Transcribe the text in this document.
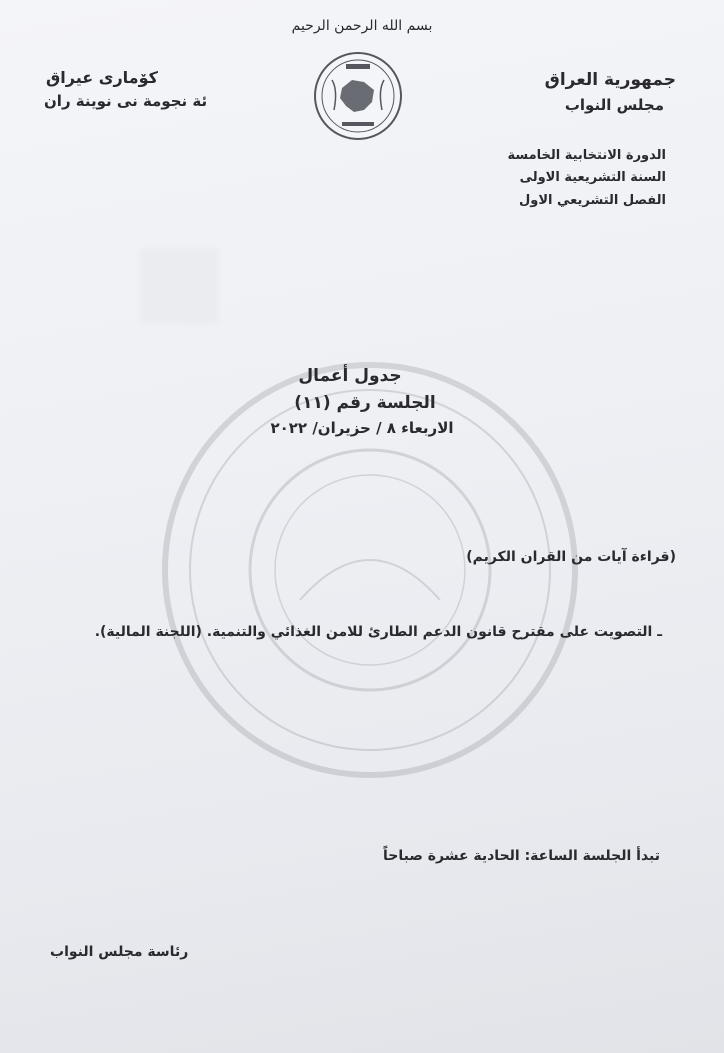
بسم الله الرحمن الرحيم

كۆمارى عيراق

ئة نجومة نى نوينة ران

جمهورية العراق

مجلس النواب

الدورة الانتخابية الخامسة

السنة التشريعية الاولى

الفصل التشريعي الاول

جدول أعمال

الجلسة رقم (١١)

الاربعاء ٨ / حزيران/ ٢٠٢٢

(قراءة آيات من القران الكريم)

ـ التصويت على مقترح قانون الدعم الطارئ للامن الغذائي والتنمية. (اللجنة المالية).

تبدأ الجلسة الساعة: الحادية عشرة صباحاً

رئاسة مجلس النواب
